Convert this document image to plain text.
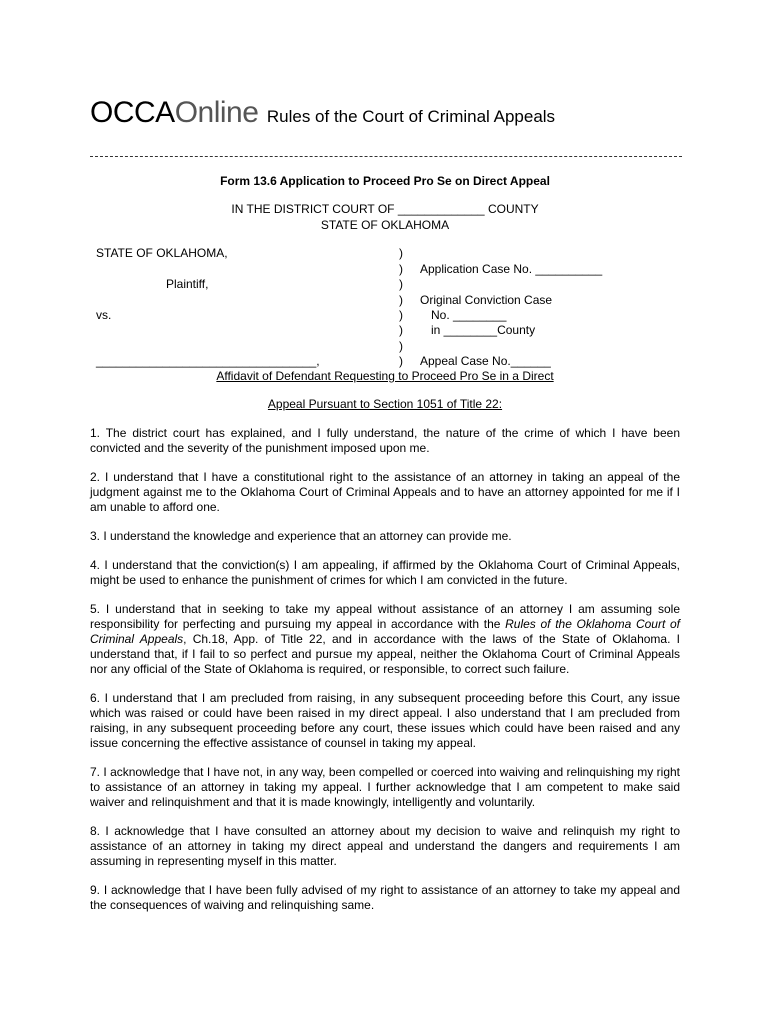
OCCAOnline Rules of the Court of Criminal Appeals
Form 13.6 Application to Proceed Pro Se on Direct Appeal
IN THE DISTRICT COURT OF _____________ COUNTY
STATE OF OKLAHOMA
STATE OF OKLAHOMA,
Plaintiff,
vs.
_________________________________,
)
)
)
)
)
)
)
)
Application Case No. __________
Original Conviction Case
No. ________
in ________County
Appeal Case No.______
Affidavit of Defendant Requesting to Proceed Pro Se in a Direct
Appeal Pursuant to Section 1051 of Title 22:

1. The district court has explained, and I fully understand, the nature of the crime of which I have been convicted and the severity of the punishment imposed upon me.

2. I understand that I have a constitutional right to the assistance of an attorney in taking an appeal of the judgment against me to the Oklahoma Court of Criminal Appeals and to have an attorney appointed for me if I am unable to afford one.

3. I understand the knowledge and experience that an attorney can provide me.

4. I understand that the conviction(s) I am appealing, if affirmed by the Oklahoma Court of Criminal Appeals, might be used to enhance the punishment of crimes for which I am convicted in the future.

5. I understand that in seeking to take my appeal without assistance of an attorney I am assuming sole responsibility for perfecting and pursuing my appeal in accordance with the Rules of the Oklahoma Court of Criminal Appeals, Ch.18, App. of Title 22, and in accordance with the laws of the State of Oklahoma. I understand that, if I fail to so perfect and pursue my appeal, neither the Oklahoma Court of Criminal Appeals nor any official of the State of Oklahoma is required, or responsible, to correct such failure.

6. I understand that I am precluded from raising, in any subsequent proceeding before this Court, any issue which was raised or could have been raised in my direct appeal. I also understand that I am precluded from raising, in any subsequent proceeding before any court, these issues which could have been raised and any issue concerning the effective assistance of counsel in taking my appeal.

7. I acknowledge that I have not, in any way, been compelled or coerced into waiving and relinquishing my right to assistance of an attorney in taking my appeal. I further acknowledge that I am competent to make said waiver and relinquishment and that it is made knowingly, intelligently and voluntarily.

8. I acknowledge that I have consulted an attorney about my decision to waive and relinquish my right to assistance of an attorney in taking my direct appeal and understand the dangers and requirements I am assuming in representing myself in this matter.

9. I acknowledge that I have been fully advised of my right to assistance of an attorney to take my appeal and the consequences of waiving and relinquishing same.
